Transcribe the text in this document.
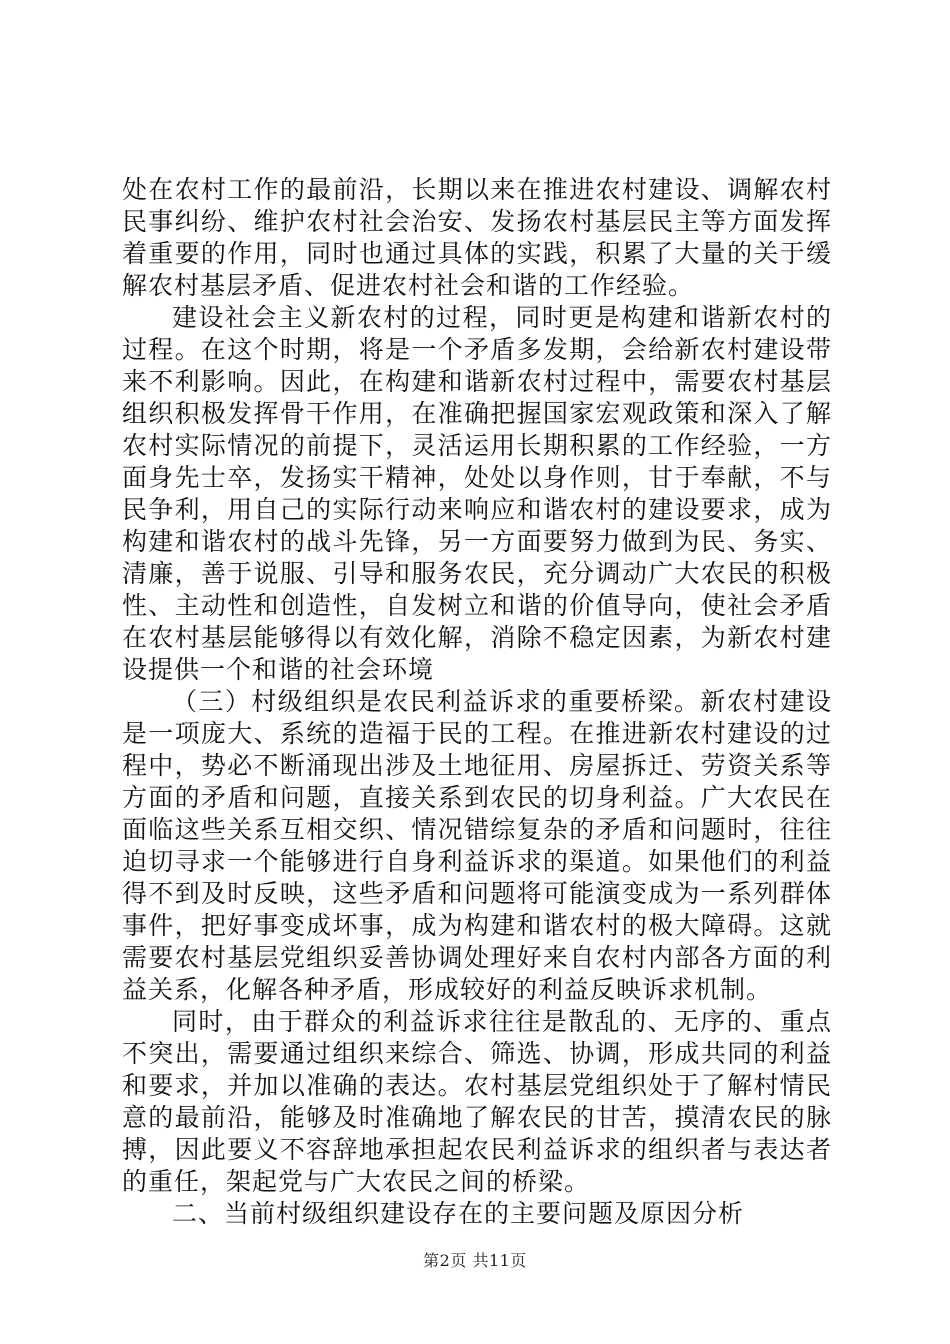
处在农村工作的最前沿，长期以来在推进农村建设、调解农村民事纠纷、维护农村社会治安、发扬农村基层民主等方面发挥着重要的作用，同时也通过具体的实践，积累了大量的关于缓解农村基层矛盾、促进农村社会和谐的工作经验。

建设社会主义新农村的过程，同时更是构建和谐新农村的过程。在这个时期，将是一个矛盾多发期，会给新农村建设带来不利影响。因此，在构建和谐新农村过程中，需要农村基层组织积极发挥骨干作用，在准确把握国家宏观政策和深入了解农村实际情况的前提下，灵活运用长期积累的工作经验，一方面身先士卒，发扬实干精神，处处以身作则，甘于奉献，不与民争利，用自己的实际行动来响应和谐农村的建设要求，成为构建和谐农村的战斗先锋，另一方面要努力做到为民、务实、清廉，善于说服、引导和服务农民，充分调动广大农民的积极性、主动性和创造性，自发树立和谐的价值导向，使社会矛盾在农村基层能够得以有效化解，消除不稳定因素，为新农村建设提供一个和谐的社会环境

（三）村级组织是农民利益诉求的重要桥梁。新农村建设是一项庞大、系统的造福于民的工程。在推进新农村建设的过程中，势必不断涌现出涉及土地征用、房屋拆迁、劳资关系等方面的矛盾和问题，直接关系到农民的切身利益。广大农民在面临这些关系互相交织、情况错综复杂的矛盾和问题时，往往迫切寻求一个能够进行自身利益诉求的渠道。如果他们的利益得不到及时反映，这些矛盾和问题将可能演变成为一系列群体事件，把好事变成坏事，成为构建和谐农村的极大障碍。这就需要农村基层党组织妥善协调处理好来自农村内部各方面的利益关系，化解各种矛盾，形成较好的利益反映诉求机制。

同时，由于群众的利益诉求往往是散乱的、无序的、重点不突出，需要通过组织来综合、筛选、协调，形成共同的利益和要求，并加以准确的表达。农村基层党组织处于了解村情民意的最前沿，能够及时准确地了解农民的甘苦，摸清农民的脉搏，因此要义不容辞地承担起农民利益诉求的组织者与表达者的重任，架起党与广大农民之间的桥梁。

二、当前村级组织建设存在的主要问题及原因分析

第2页 共11页
